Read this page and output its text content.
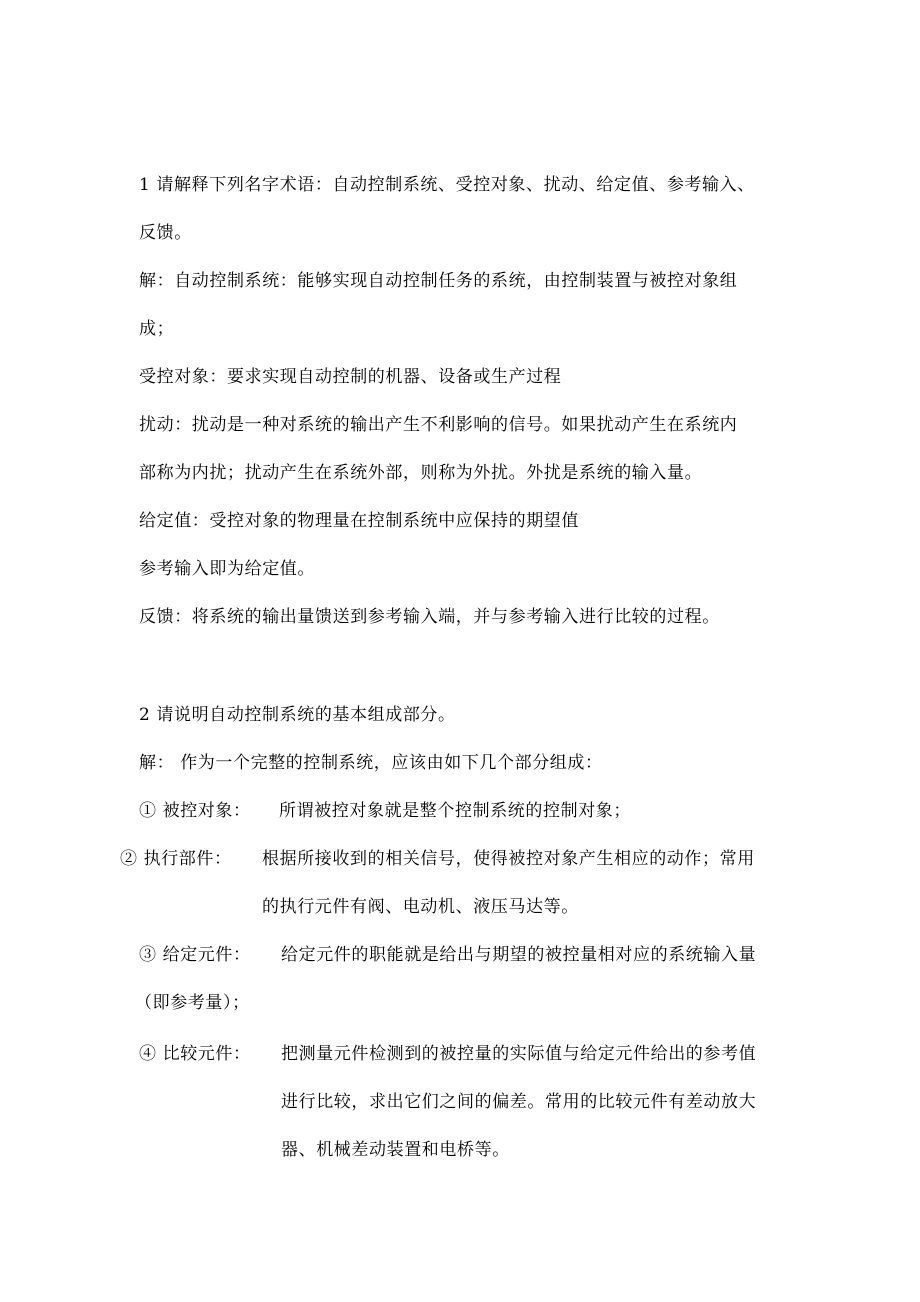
1 请解释下列名字术语：自动控制系统、受控对象、扰动、给定值、参考输入、
反馈。
解：自动控制系统：能够实现自动控制任务的系统，由控制装置与被控对象组
成；
受控对象：要求实现自动控制的机器、设备或生产过程
扰动：扰动是一种对系统的输出产生不利影响的信号。如果扰动产生在系统内
部称为内扰；扰动产生在系统外部，则称为外扰。外扰是系统的输入量。
给定值：受控对象的物理量在控制系统中应保持的期望值
参考输入即为给定值。
反馈：将系统的输出量馈送到参考输入端，并与参考输入进行比较的过程。
2 请说明自动控制系统的基本组成部分。
解： 作为一个完整的控制系统，应该由如下几个部分组成：
① 被控对象： 所谓被控对象就是整个控制系统的控制对象；
② 执行部件： 根据所接收到的相关信号，使得被控对象产生相应的动作；常用
的执行元件有阀、电动机、液压马达等。
③ 给定元件： 给定元件的职能就是给出与期望的被控量相对应的系统输入量
（即参考量）；
④ 比较元件： 把测量元件检测到的被控量的实际值与给定元件给出的参考值
进行比较，求出它们之间的偏差。常用的比较元件有差动放大
器、机械差动装置和电桥等。
